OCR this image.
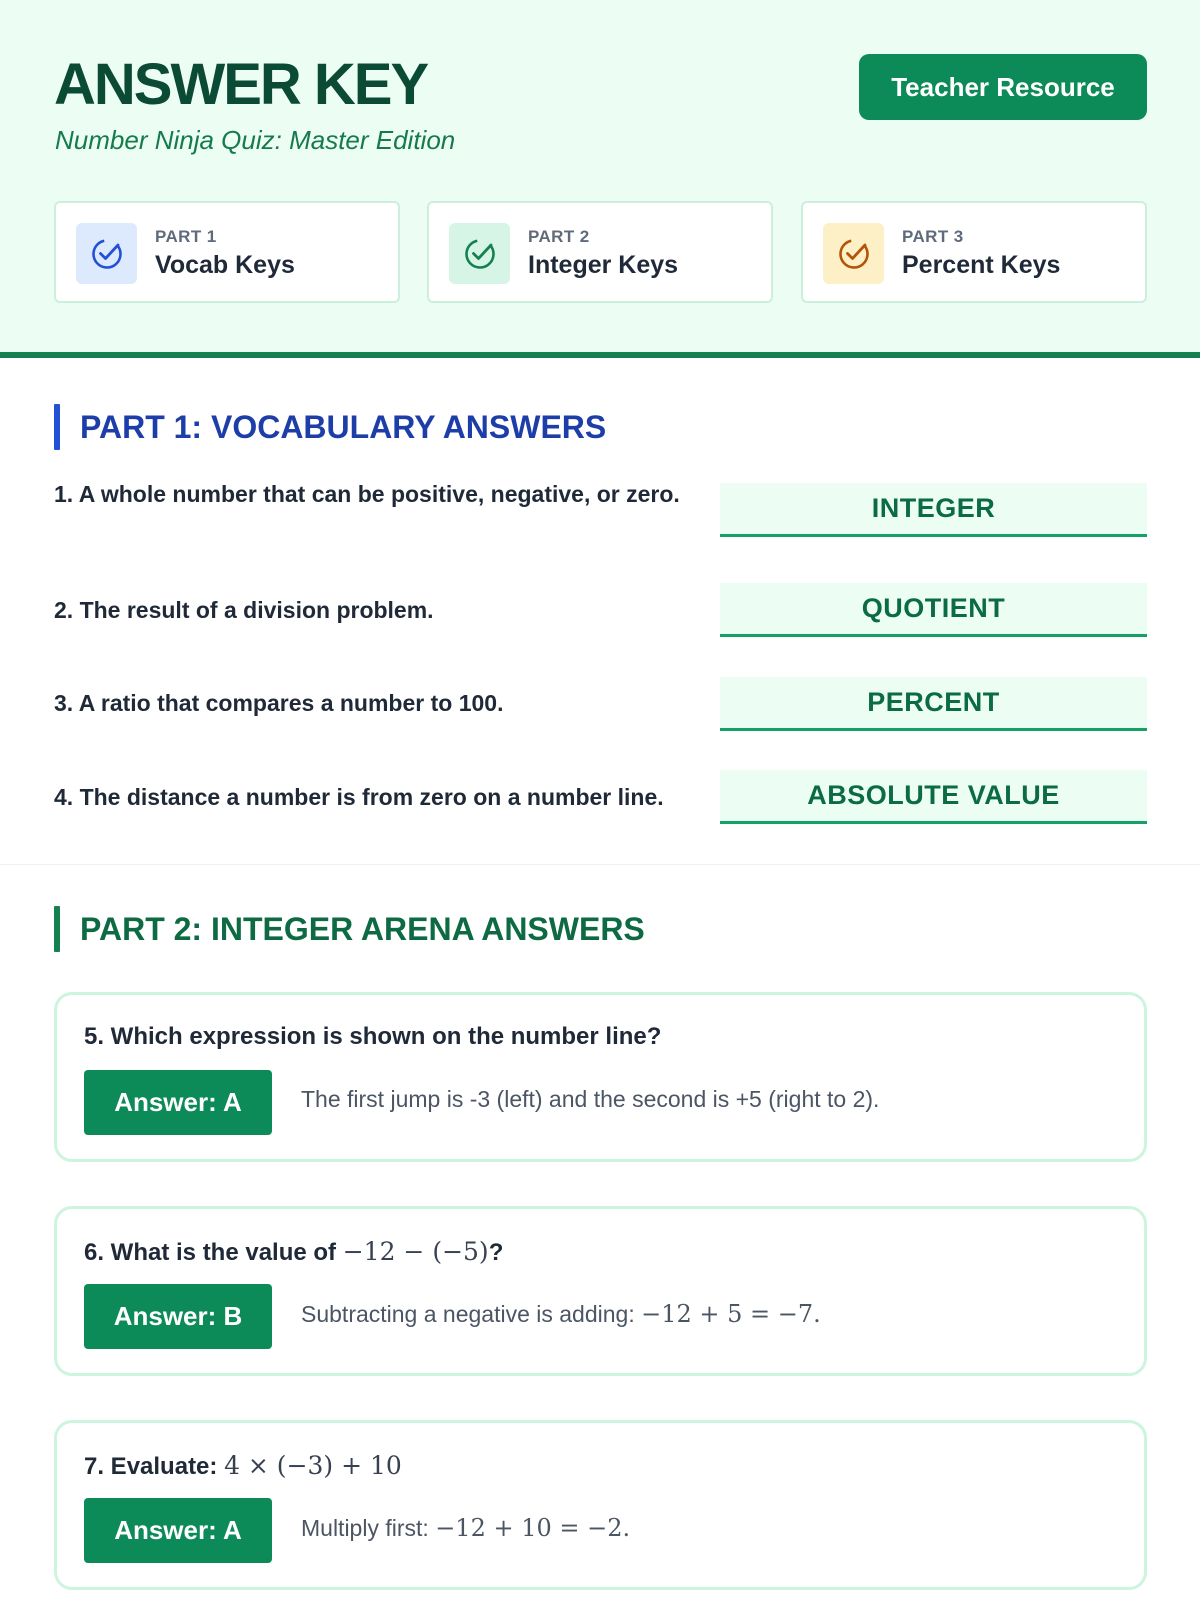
ANSWER KEY
Number Ninja Quiz: Master Edition
Teacher Resource
PART 1
Vocab Keys
PART 2
Integer Keys
PART 3
Percent Keys
PART 1: VOCABULARY ANSWERS
1. A whole number that can be positive, negative, or zero.	INTEGER
2. The result of a division problem.	QUOTIENT
3. A ratio that compares a number to 100.	PERCENT
4. The distance a number is from zero on a number line.	ABSOLUTE VALUE
PART 2: INTEGER ARENA ANSWERS
5. Which expression is shown on the number line?
Answer: A	The first jump is -3 (left) and the second is +5 (right to 2).
6. What is the value of −12 − (−5)?
Answer: B	Subtracting a negative is adding: −12 + 5 = −7.
7. Evaluate: 4 × (−3) + 10
Answer: A	Multiply first: −12 + 10 = −2.
